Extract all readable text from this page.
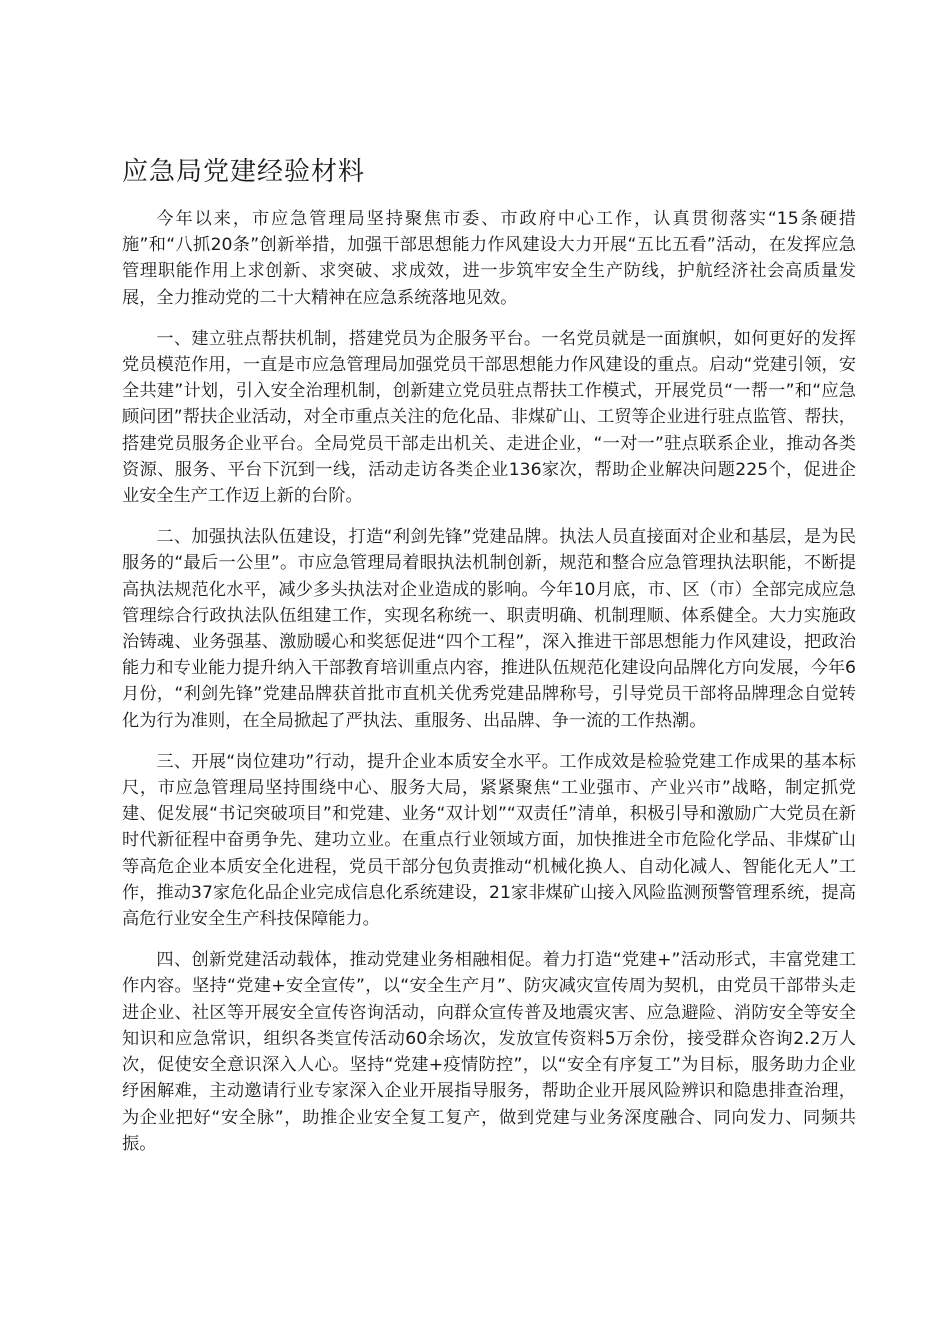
应急局党建经验材料

今年以来，市应急管理局坚持聚焦市委、市政府中心工作，认真贯彻落实“15条硬措施”和“八抓20条”创新举措，加强干部思想能力作风建设大力开展“五比五看”活动，在发挥应急管理职能作用上求创新、求突破、求成效，进一步筑牢安全生产防线，护航经济社会高质量发展，全力推动党的二十大精神在应急系统落地见效。

一、建立驻点帮扶机制，搭建党员为企服务平台。一名党员就是一面旗帜，如何更好的发挥党员模范作用，一直是市应急管理局加强党员干部思想能力作风建设的重点。启动“党建引领，安全共建”计划，引入安全治理机制，创新建立党员驻点帮扶工作模式，开展党员“一帮一”和“应急顾问团”帮扶企业活动，对全市重点关注的危化品、非煤矿山、工贸等企业进行驻点监管、帮扶，搭建党员服务企业平台。全局党员干部走出机关、走进企业，“一对一”驻点联系企业，推动各类资源、服务、平台下沉到一线，活动走访各类企业136家次，帮助企业解决问题225个，促进企业安全生产工作迈上新的台阶。

二、加强执法队伍建设，打造“利剑先锋”党建品牌。执法人员直接面对企业和基层，是为民服务的“最后一公里”。市应急管理局着眼执法机制创新，规范和整合应急管理执法职能，不断提高执法规范化水平，减少多头执法对企业造成的影响。今年10月底，市、区（市）全部完成应急管理综合行政执法队伍组建工作，实现名称统一、职责明确、机制理顺、体系健全。大力实施政治铸魂、业务强基、激励暖心和奖惩促进“四个工程”，深入推进干部思想能力作风建设，把政治能力和专业能力提升纳入干部教育培训重点内容，推进队伍规范化建设向品牌化方向发展，今年6月份，“利剑先锋”党建品牌获首批市直机关优秀党建品牌称号，引导党员干部将品牌理念自觉转化为行为准则，在全局掀起了严执法、重服务、出品牌、争一流的工作热潮。

三、开展“岗位建功”行动，提升企业本质安全水平。工作成效是检验党建工作成果的基本标尺，市应急管理局坚持围绕中心、服务大局，紧紧聚焦“工业强市、产业兴市”战略，制定抓党建、促发展“书记突破项目”和党建、业务“双计划”“双责任”清单，积极引导和激励广大党员在新时代新征程中奋勇争先、建功立业。在重点行业领域方面，加快推进全市危险化学品、非煤矿山等高危企业本质安全化进程，党员干部分包负责推动“机械化换人、自动化减人、智能化无人”工作，推动37家危化品企业完成信息化系统建设，21家非煤矿山接入风险监测预警管理系统，提高高危行业安全生产科技保障能力。

四、创新党建活动载体，推动党建业务相融相促。着力打造“党建+”活动形式，丰富党建工作内容。坚持“党建+安全宣传”，以“安全生产月”、防灾减灾宣传周为契机，由党员干部带头走进企业、社区等开展安全宣传咨询活动，向群众宣传普及地震灾害、应急避险、消防安全等安全知识和应急常识，组织各类宣传活动60余场次，发放宣传资料5万余份，接受群众咨询2.2万人次，促使安全意识深入人心。坚持“党建+疫情防控”，以“安全有序复工”为目标，服务助力企业纾困解难，主动邀请行业专家深入企业开展指导服务，帮助企业开展风险辨识和隐患排查治理，为企业把好“安全脉”，助推企业安全复工复产，做到党建与业务深度融合、同向发力、同频共振。
